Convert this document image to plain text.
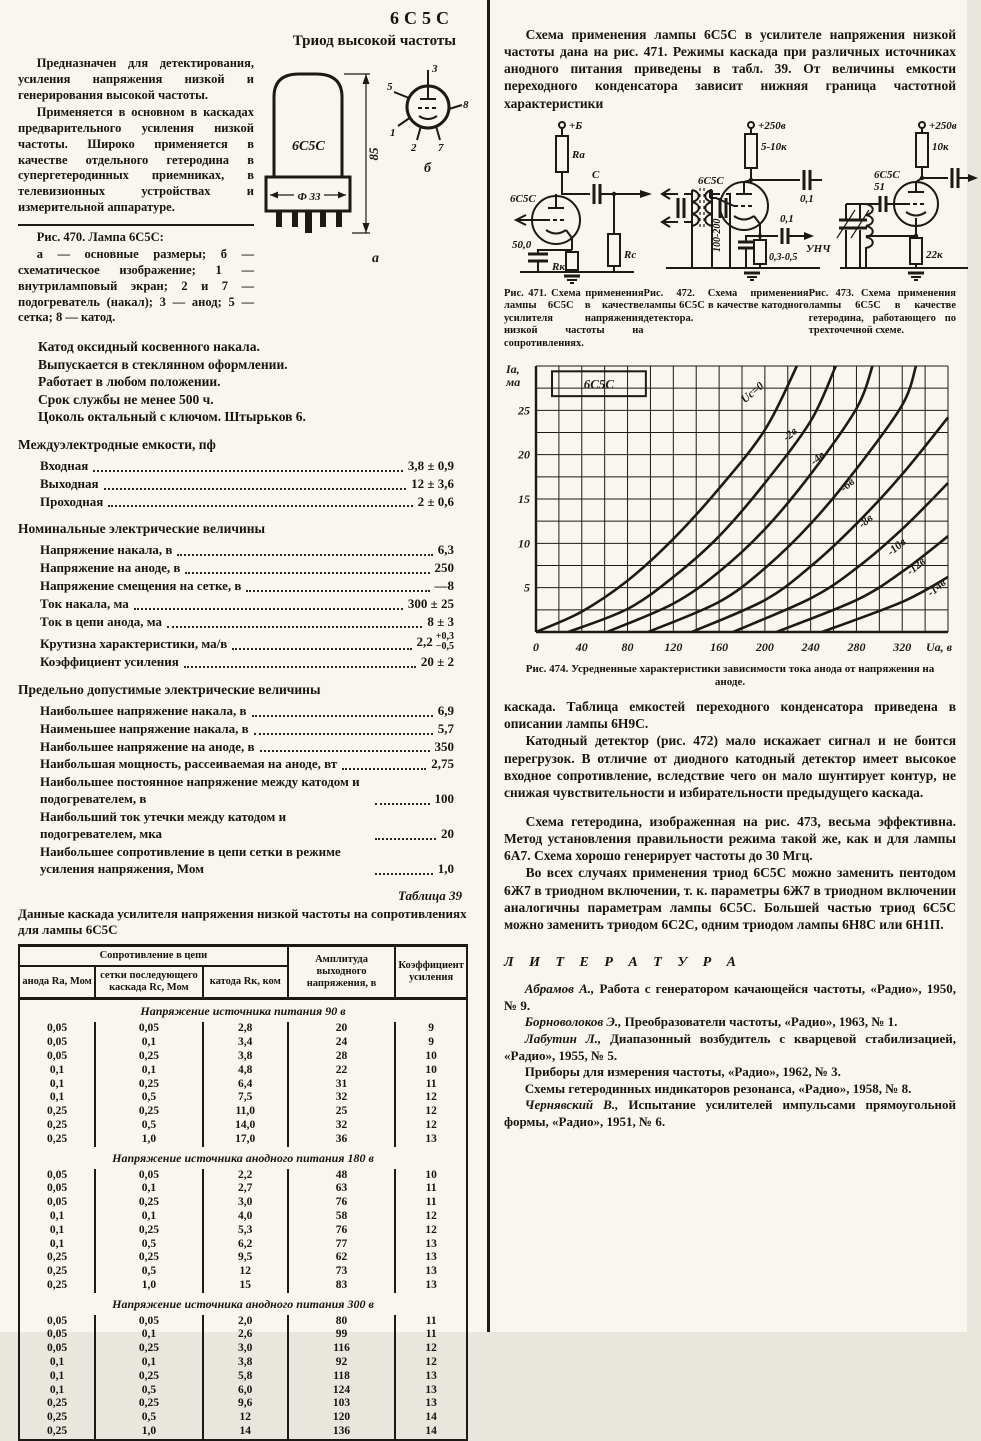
6С5С
Триод высокой частоты

Предназначен для детектирования, усиления напряжения низкой и генерирования высокой частоты.

Применяется в основном в каскадах предварительного усиления низкой частоты. Широко применяется в качестве отдельного гетеродина в супергетеродинных приемниках, в телевизионных устройствах и измерительной аппаратуре.

Рис. 470. Лампа 6С5С:

а — основные размеры; б — схематическое изображение; 1 — внутриламповый экран; 2 и 7 — подогреватель (накал); 3 — анод; 5 — сетка; 8 — катод.

6С5С
Ф 33
85
а
3
5
8
1
2 7
б
Катод оксидный косвенного накала.
Выпускается в стеклянном оформлении.
Работает в любом положении.
Срок службы не менее 500 ч.
Цоколь октальный с ключом. Штырьков 6.
Междуэлектродные емкости, пф
Входная	3,8 ± 0,9
Выходная	12 ± 3,6
Проходная	2 ± 0,6
Номинальные электрические величины
Напряжение накала, в	6,3
Напряжение на аноде, в	250
Напряжение смещения на сетке, в	—8
Ток накала, ма	300 ± 25
Ток в цепи анода, ма	8 ± 3
Крутизна характеристики, ма/в	2,2 +0,3
−0,5
Коэффициент усиления	20 ± 2
Предельно допустимые электрические величины
Наибольшее напряжение накала, в	6,9
Наименьшее напряжение накала, в	5,7
Наибольшее напряжение на аноде, в	350
Наибольшая мощность, рассеиваемая на аноде, вт	2,75
Наибольшее постоянное напряжение между катодом и подогревателем, в	100
Наибольший ток утечки между катодом и подогревателем, мка	20
Наибольшее сопротивление в цепи сетки в режиме усиления напряжения, Мом	1,0
Таблица 39
Данные каскада усилителя напряжения низкой частоты на сопротивлениях для лампы 6С5С
Сопротивление в цепи			Амплитуда выходного напряжения, в	Коэффициент усиления
анода Rа, Мом	сетки последующего каскада Rс, Мом	катода Rк, ком		
Напряжение источника питания 90 в				
0,05	0,05	2,8	20	9
0,05	0,1	3,4	24	9
0,05	0,25	3,8	28	10
0,1	0,1	4,8	22	10
0,1	0,25	6,4	31	11
0,1	0,5	7,5	32	12
0,25	0,25	11,0	25	12
0,25	0,5	14,0	32	12
0,25	1,0	17,0	36	13
Напряжение источника анодного питания 180 в				
0,05	0,05	2,2	48	10
0,05	0,1	2,7	63	11
0,05	0,25	3,0	76	11
0,1	0,1	4,0	58	12
0,1	0,25	5,3	76	12
0,1	0,5	6,2	77	13
0,25	0,25	9,5	62	13
0,25	0,5	12	73	13
0,25	1,0	15	83	13
Напряжение источника анодного питания 300 в				
0,05	0,05	2,0	80	11
0,05	0,1	2,6	99	11
0,05	0,25	3,0	116	12
0,1	0,1	3,8	92	12
0,1	0,25	5,8	118	13
0,1	0,5	6,0	124	13
0,25	0,25	9,6	103	13
0,25	0,5	12	120	14
0,25	1,0	14	136	14

Схема применения лампы 6С5С в усилителе напряжения низкой частоты дана на рис. 471. Режимы каскада при различных источниках анодного питания приведены в табл. 39. От величины емкости переходного конденсатора зависит нижняя граница частотной характеристики

+Б
Rа
C
6С5С
50,0
Rк
Rс
+250в
5-10к
0,1
6С5С
100-200
0,3-0,5
0,1
УНЧ
+250в
10к
6С5С
51
22к
Рис. 471. Схема применения лампы 6С5С в качестве усилителя напряжения низкой частоты на сопротивлениях.
Рис. 472. Схема применения лампы 6С5С в качестве катодного детектора.
Рис. 473. Схема применения лампы 6С5С в качестве гетеродина, работающего по трехточечной схеме.
0	40	80	120 160 200 240 280 320 Uа, в
5
10
15
20
25
Iа,
ма	Uс=0
-2в
-4в
-6в
-8в
-10в
-12в
-14в
6С5С
Рис. 474. Усредненные характеристики зависимости тока анода от напряжения на аноде.

каскада. Таблица емкостей переходного конденсатора приведена в описании лампы 6Н9С.

Катодный детектор (рис. 472) мало искажает сигнал и не боится перегрузок. В отличие от диодного катодный детектор имеет высокое входное сопротивление, вследствие чего он мало шунтирует контур, не снижая чувствительности и избирательности предыдущего каскада.

Схема гетеродина, изображенная на рис. 473, весьма эффективна. Метод установления правильности режима такой же, как и для лампы 6А7. Схема хорошо генерирует частоты до 30 Мгц.

Во всех случаях применения триод 6С5С можно заменить пентодом 6Ж7 в триодном включении, т. к. параметры 6Ж7 в триодном включении аналогичны параметрам лампы 6С5С. Большей частью триод 6С5С можно заменить триодом 6С2С, одним триодом лампы 6Н8С или 6Н1П.

Л И Т Е Р А Т У Р А

Абрамов А., Работа с генератором качающейся частоты, «Радио», 1950, № 9.

Борноволоков Э., Преобразователи частоты, «Радио», 1963, № 1.

Лабутин Л., Диапазонный возбудитель с кварцевой стабилизацией, «Радио», 1955, № 5.

Приборы для измерения частоты, «Радио», 1962, № 3.

Схемы гетеродинных индикаторов резонанса, «Радио», 1958, № 8.

Чернявский В., Испытание усилителей импульсами прямоугольной формы, «Радио», 1951, № 6.
